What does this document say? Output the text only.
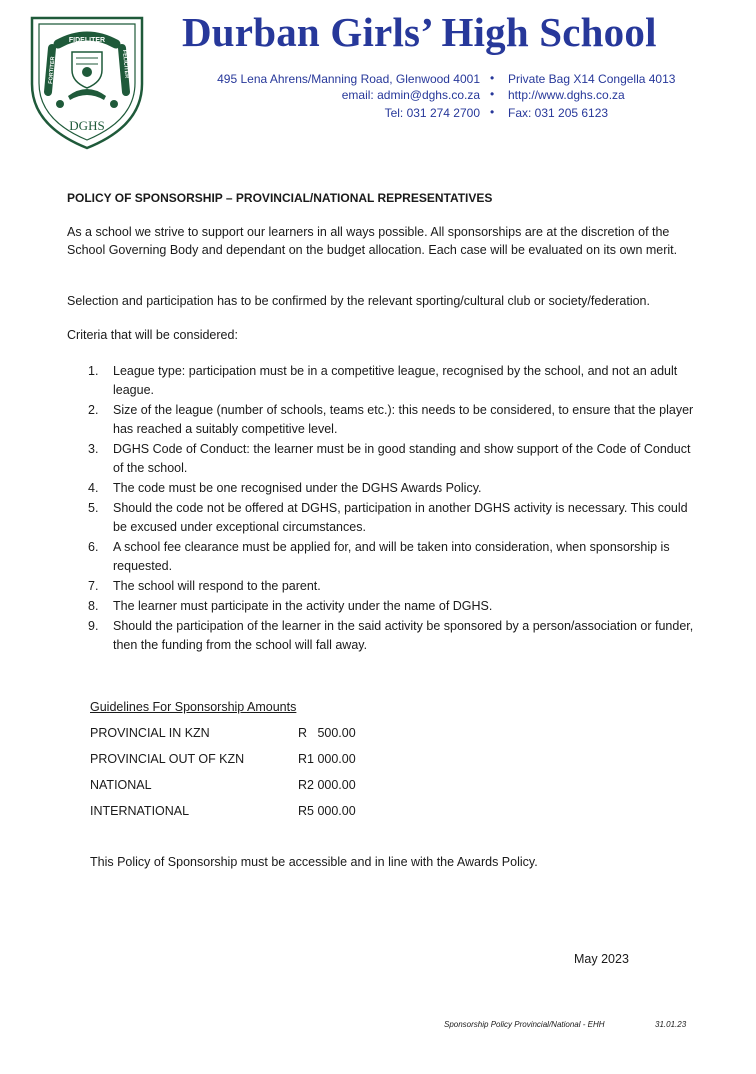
FIDELITER
FORTITER	FELICITER
DGHS
Durban Girls’ High School
495 Lena Ahrens/Manning Road, Glenwood 4001 • Private Bag X14 Congella 4013
email: admin@dghs.co.za • http://www.dghs.co.za
Tel: 031 274 2700 • Fax: 031 205 6123
POLICY OF SPONSORSHIP – PROVINCIAL/NATIONAL REPRESENTATIVES
As a school we strive to support our learners in all ways possible. All sponsorships are at the discretion of the School Governing Body and dependant on the budget allocation. Each case will be evaluated on its own merit.
Selection and participation has to be confirmed by the relevant sporting/cultural club or society/federation.
Criteria that will be considered:
1. League type: participation must be in a competitive league, recognised by the school, and not an adult league.
2. Size of the league (number of schools, teams etc.): this needs to be considered, to ensure that the player has reached a suitably competitive level.
3. DGHS Code of Conduct: the learner must be in good standing and show support of the Code of Conduct of the school.
4. The code must be one recognised under the DGHS Awards Policy.
5. Should the code not be offered at DGHS, participation in another DGHS activity is necessary. This could be excused under exceptional circumstances.
6. A school fee clearance must be applied for, and will be taken into consideration, when sponsorship is requested.
7. The school will respond to the parent.
8. The learner must participate in the activity under the name of DGHS.
9. Should the participation of the learner in the said activity be sponsored by a person/association or funder, then the funding from the school will fall away.
Guidelines For Sponsorship Amounts
PROVINCIAL IN KZN	R   500.00
PROVINCIAL OUT OF KZN	R1 000.00
NATIONAL	R2 000.00
INTERNATIONAL	R5 000.00
This Policy of Sponsorship must be accessible and in line with the Awards Policy.
May 2023
Sponsorship Policy Provincial/National - EHH	31.01.23
